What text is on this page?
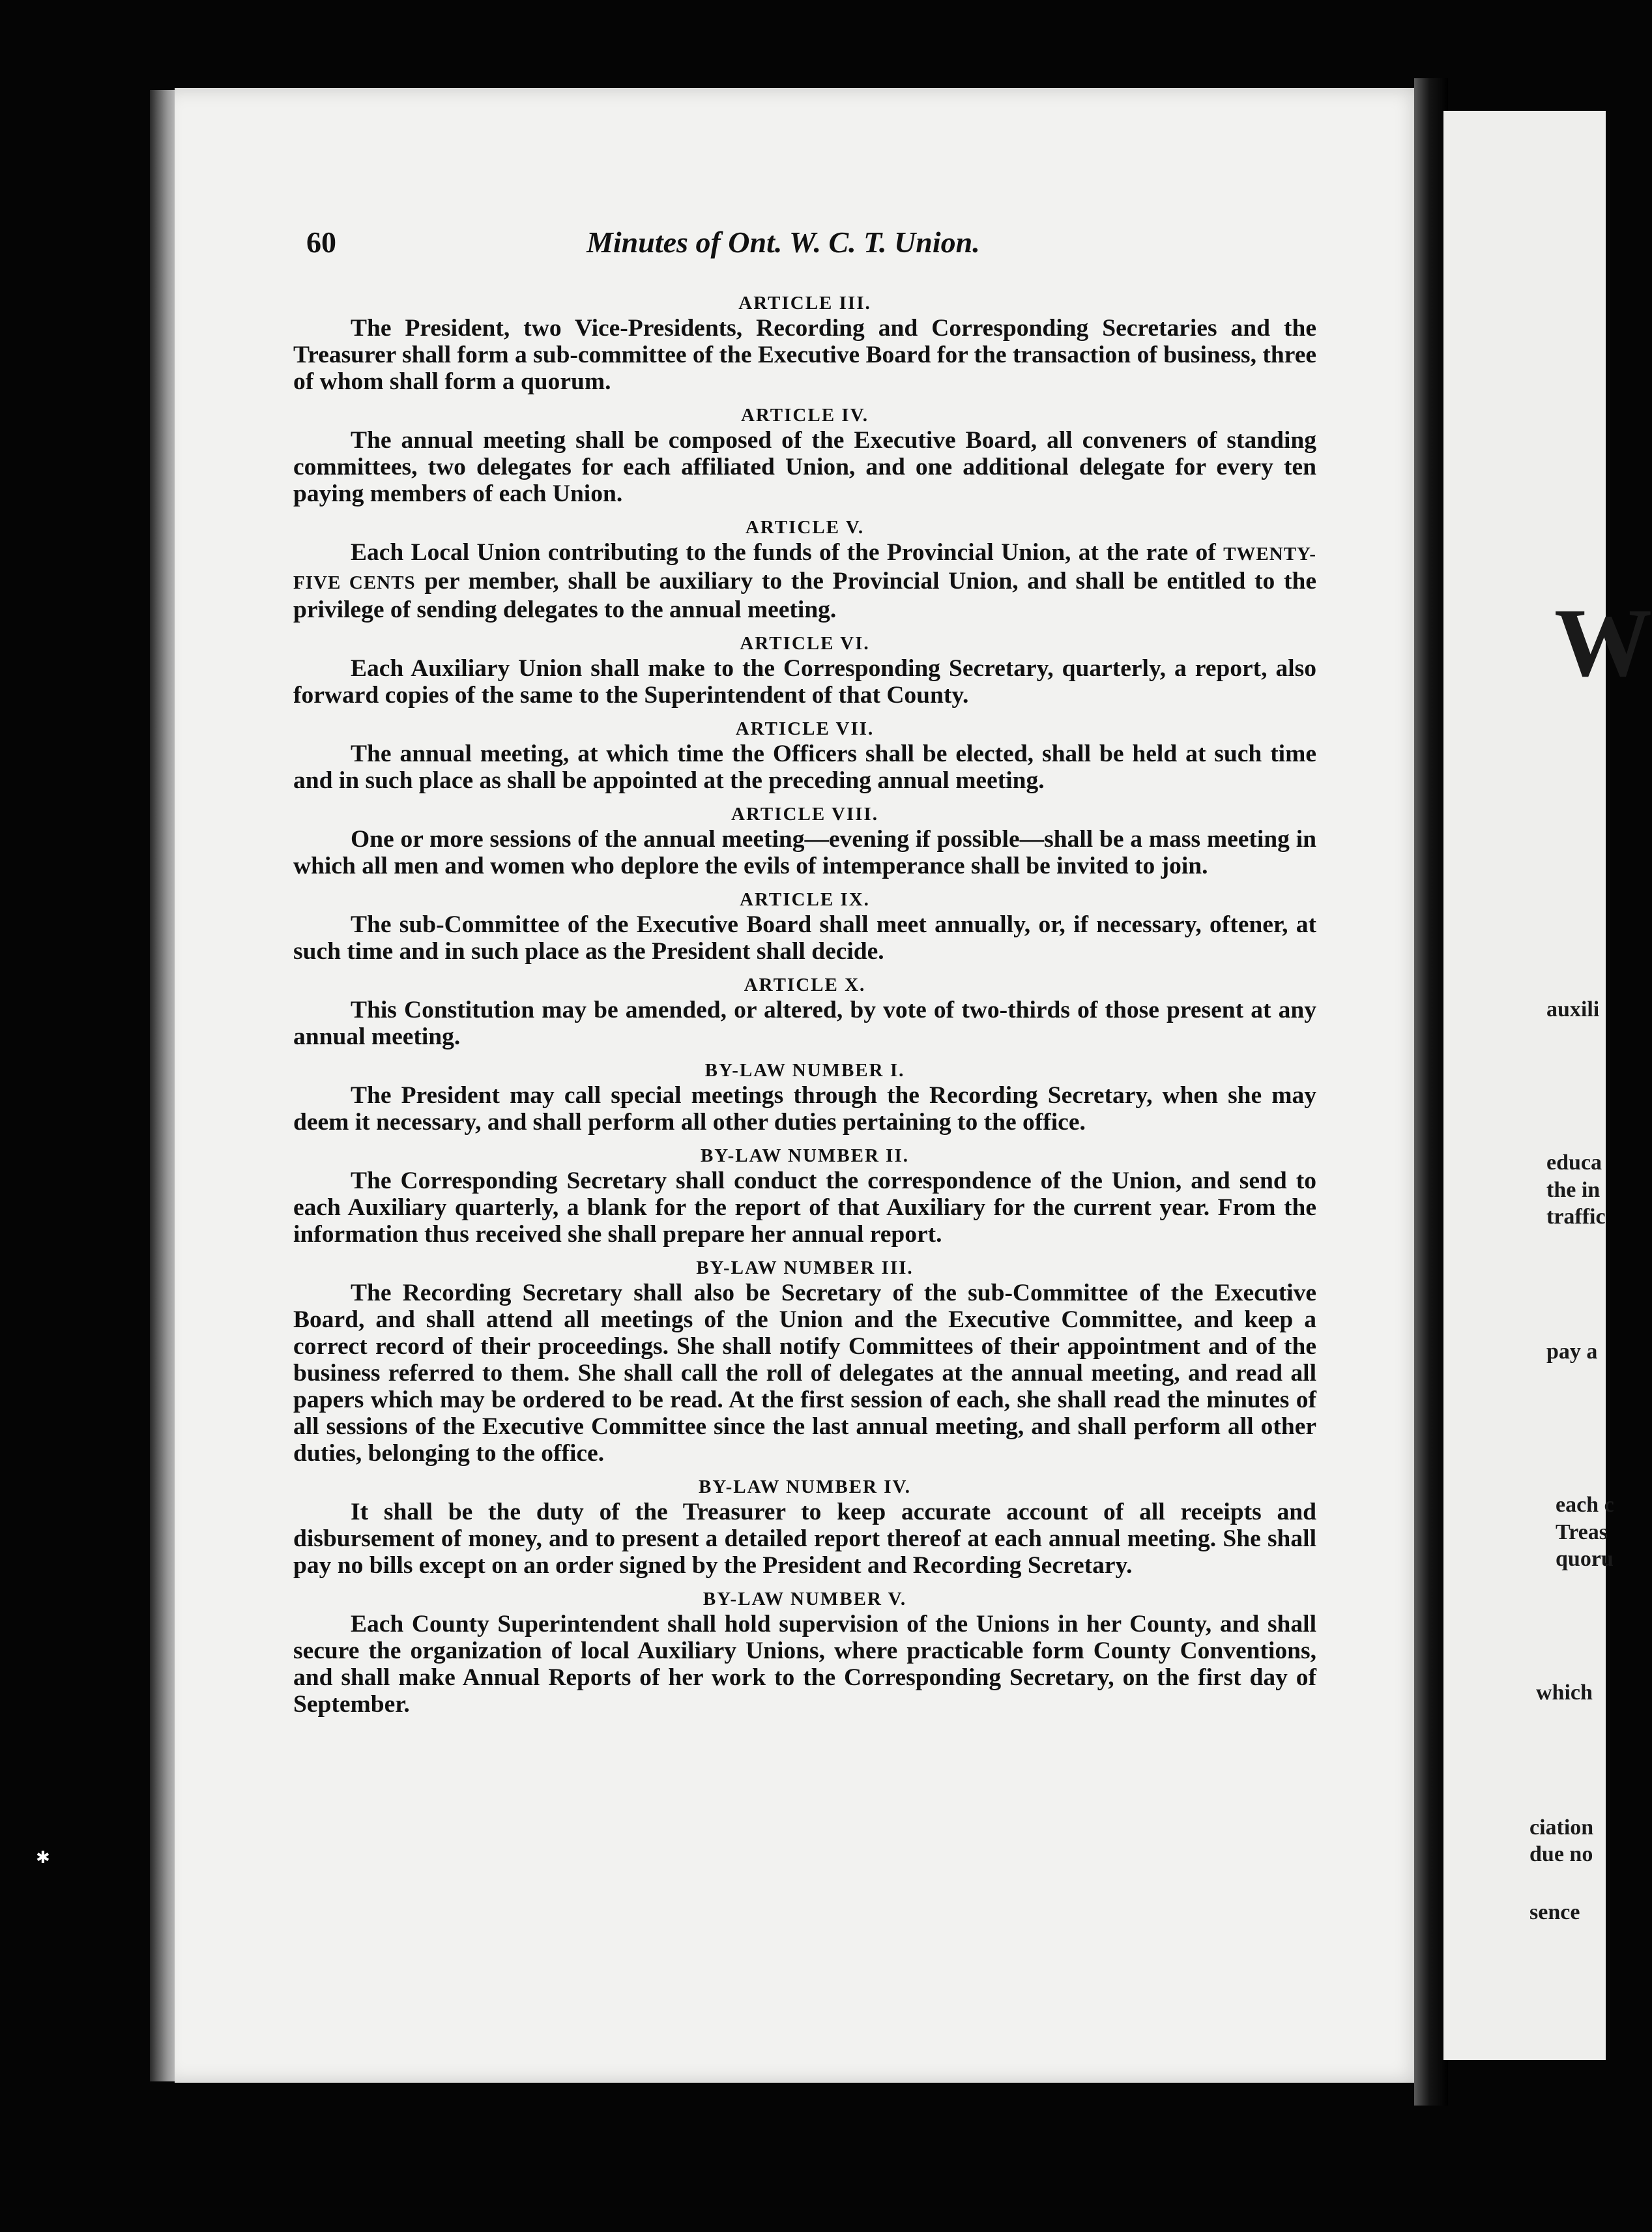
60	Minutes of Ont. W. C. T. Union.

ARTICLE III.

The President, two Vice-Presidents, Recording and Corresponding Secretaries and the Treasurer shall form a sub-committee of the Executive Board for the transaction of business, three of whom shall form a quorum.

ARTICLE IV.

The annual meeting shall be composed of the Executive Board, all conveners of standing committees, two delegates for each affiliated Union, and one additional delegate for every ten paying members of each Union.

ARTICLE V.

Each Local Union contributing to the funds of the Provincial Union, at the rate of TWENTY-FIVE CENTS per member, shall be auxiliary to the Provincial Union, and shall be entitled to the privilege of sending delegates to the annual meeting.

ARTICLE VI.

Each Auxiliary Union shall make to the Corresponding Secretary, quarterly, a report, also forward copies of the same to the Superintendent of that County.

ARTICLE VII.

The annual meeting, at which time the Officers shall be elected, shall be held at such time and in such place as shall be appointed at the preceding annual meeting.

ARTICLE VIII.

One or more sessions of the annual meeting—evening if possible—shall be a mass meeting in which all men and women who deplore the evils of intemperance shall be invited to join.

ARTICLE IX.

The sub-Committee of the Executive Board shall meet annually, or, if necessary, oftener, at such time and in such place as the President shall decide.

ARTICLE X.

This Constitution may be amended, or altered, by vote of two-thirds of those present at any annual meeting.

BY-LAW NUMBER I.

The President may call special meetings through the Recording Secretary, when she may deem it necessary, and shall perform all other duties pertaining to the office.

BY-LAW NUMBER II.

The Corresponding Secretary shall conduct the correspondence of the Union, and send to each Auxiliary quarterly, a blank for the report of that Auxiliary for the current year. From the information thus received she shall prepare her annual report.

BY-LAW NUMBER III.

The Recording Secretary shall also be Secretary of the sub-Committee of the Executive Board, and shall attend all meetings of the Union and the Executive Committee, and keep a correct record of their proceedings. She shall notify Committees of their appointment and of the business referred to them. She shall call the roll of delegates at the annual meeting, and read all papers which may be ordered to be read. At the first session of each, she shall read the minutes of all sessions of the Executive Committee since the last annual meeting, and shall perform all other duties, belonging to the office.

BY-LAW NUMBER IV.

It shall be the duty of the Treasurer to keep accurate account of all receipts and disbursement of money, and to present a detailed report thereof at each annual meeting. She shall pay no bills except on an order signed by the President and Recording Secretary.

BY-LAW NUMBER V.

Each County Superintendent shall hold supervision of the Unions in her County, and shall secure the organization of local Auxiliary Unions, where practicable form County Conventions, and shall make Annual Reports of her work to the Corresponding Secretary, on the first day of September.

W
auxili
educa
the in
traffic
pay a
each c
Treas
quoru
which
ciation
due no
sence
✱
